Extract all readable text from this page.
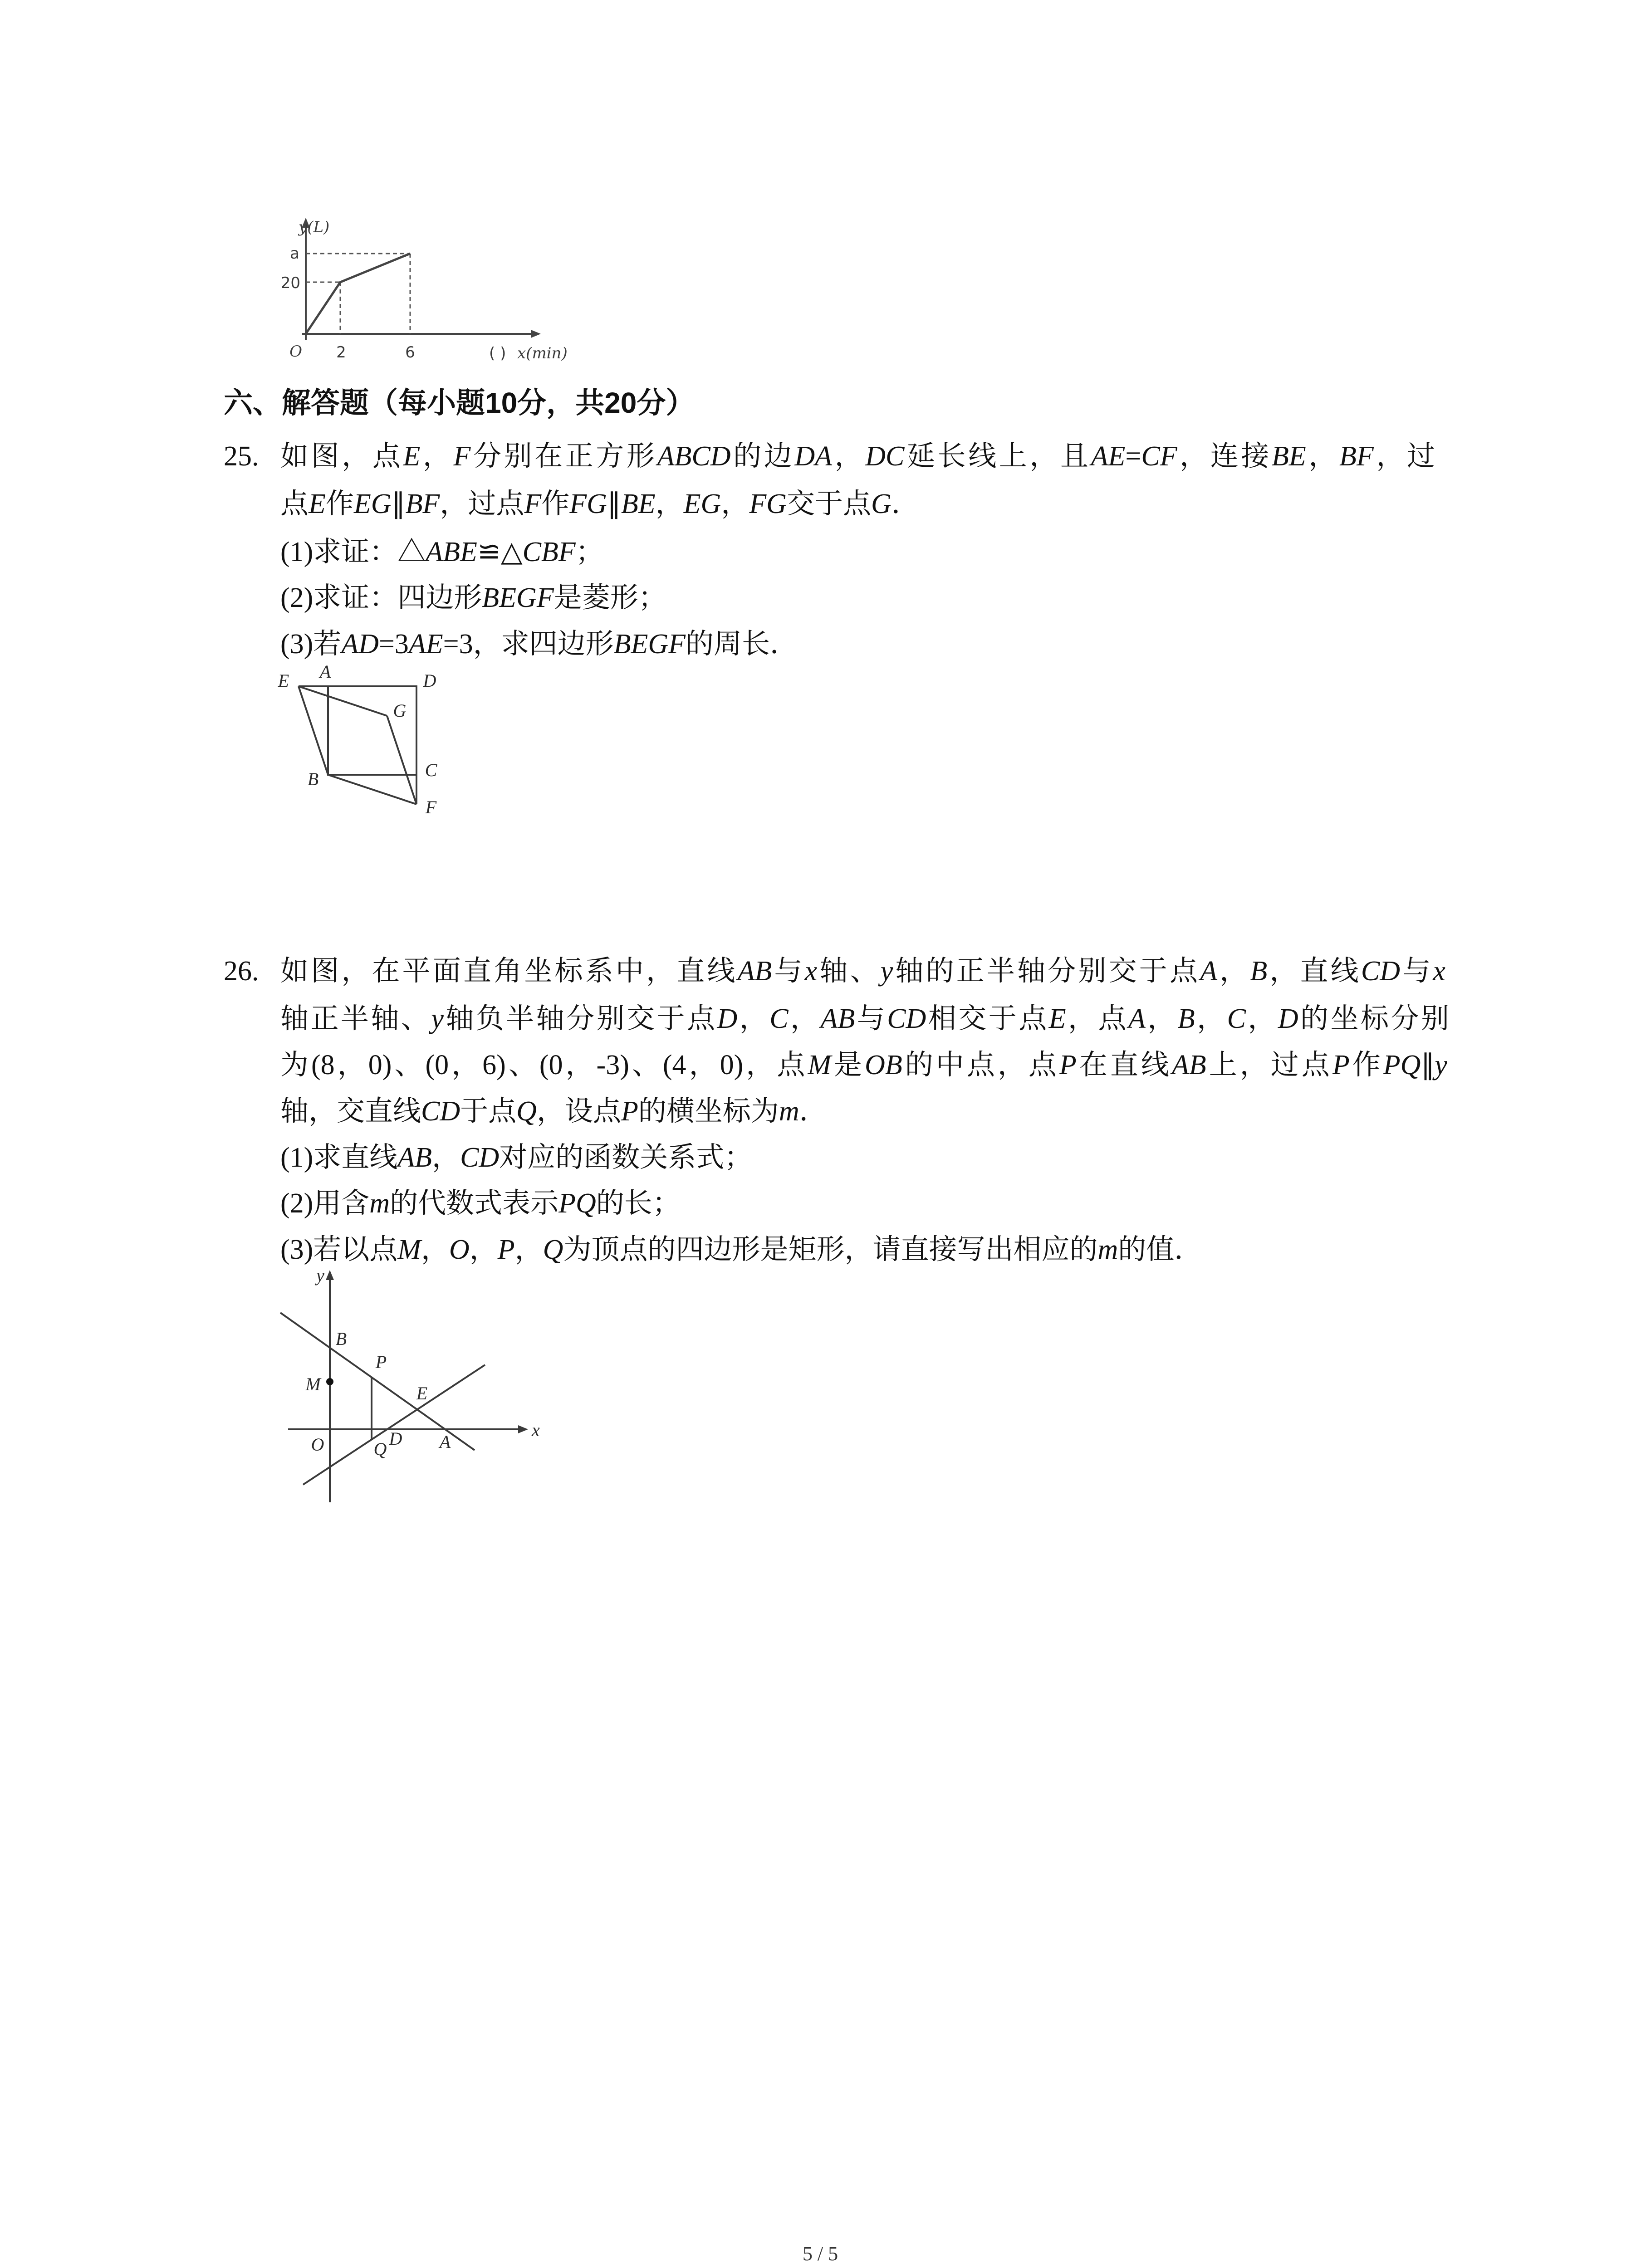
y(L)
a
20
O 2	6	( ) x(min)
六、解答题（每小题10分，共20分）
25. 如图，点E，F分别在正方形ABCD的边DA，DC延长线上，且AE=CF，连接BE，BF，过
点E作EG∥BF，过点F作FG∥BE，EG，FG交于点G．
(1)求证：△ABE≌△CBF；
(2)求证：四边形BEGF是菱形；
(3)若AD=3AE=3，求四边形BEGF的周长．
E A	D
G
B	C
F
26. 如图，在平面直角坐标系中，直线AB与x轴、y轴的正半轴分别交于点A，B，直线CD与x
轴正半轴、y轴负半轴分别交于点D，C，AB与CD相交于点E，点A，B，C，D的坐标分别
为(8，0)、(0，6)、(0，-3)、(4，0)，点M是OB的中点，点P在直线AB上，过点P作PQ∥y
轴，交直线CD于点Q，设点P的横坐标为m．
(1)求直线AB，CD对应的函数关系式；
(2)用含m的代数式表示PQ的长；
(3)若以点M，O，P，Q为顶点的四边形是矩形，请直接写出相应的m的值．
y
x
O
B
M
P
E
Q
D A
5 / 5
